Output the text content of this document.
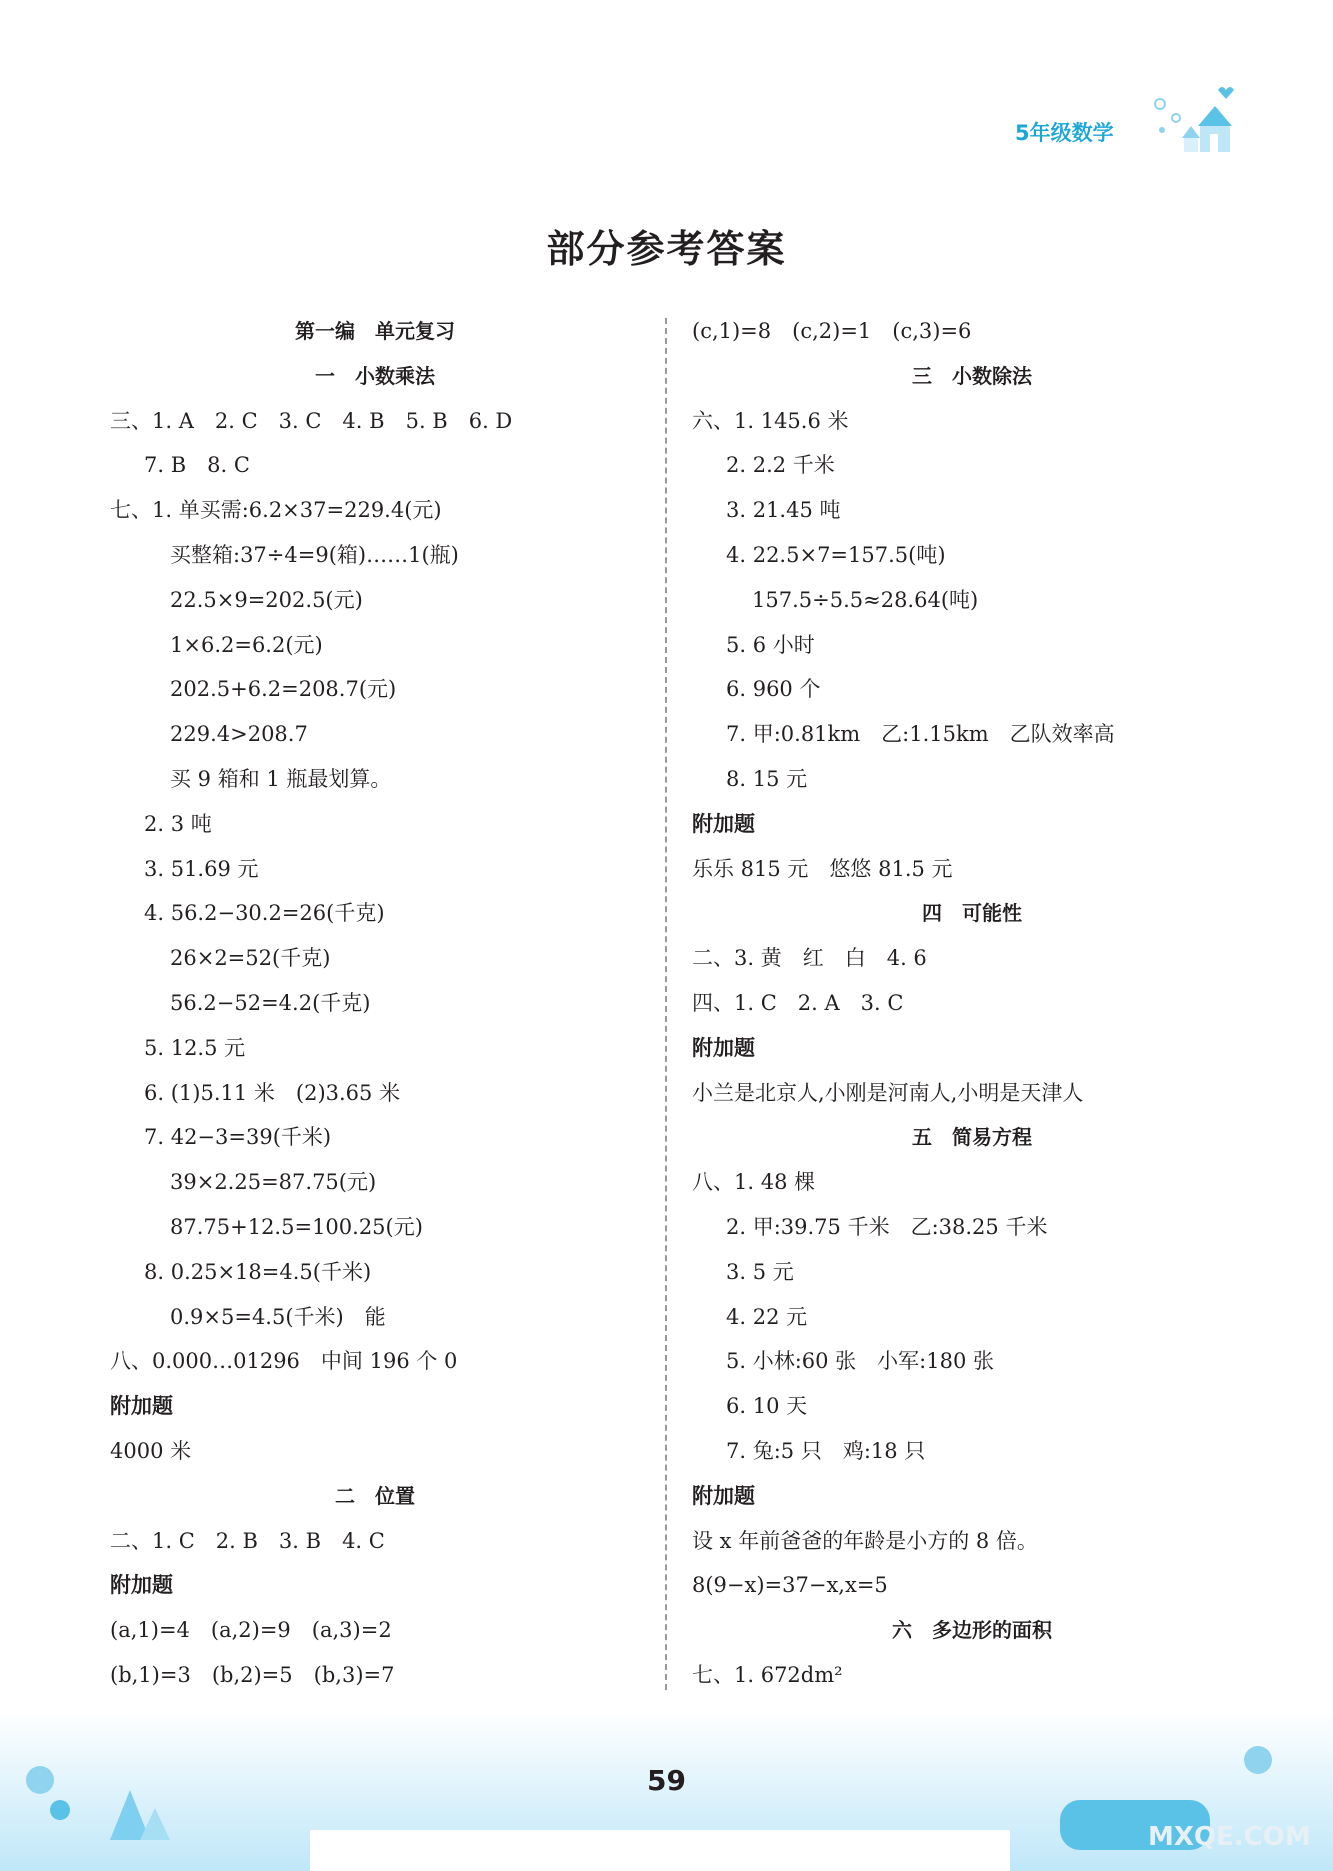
5年级数学
部分参考答案
第一编　单元复习
一　小数乘法
三、1. A　2. C　3. C　4. B　5. B　6. D
7. B　8. C
七、1. 单买需:6.2×37=229.4(元)
买整箱:37÷4=9(箱)……1(瓶)
22.5×9=202.5(元)
1×6.2=6.2(元)
202.5+6.2=208.7(元)
229.4>208.7
买 9 箱和 1 瓶最划算。
2. 3 吨
3. 51.69 元
4. 56.2−30.2=26(千克)
26×2=52(千克)
56.2−52=4.2(千克)
5. 12.5 元
6. (1)5.11 米　(2)3.65 米
7. 42−3=39(千米)
39×2.25=87.75(元)
87.75+12.5=100.25(元)
8. 0.25×18=4.5(千米)
0.9×5=4.5(千米)　能
八、0.000…01296　中间 196 个 0
附加题
4000 米
二　位置
二、1. C　2. B　3. B　4. C
附加题
(a,1)=4　(a,2)=9　(a,3)=2
(b,1)=3　(b,2)=5　(b,3)=7
(c,1)=8　(c,2)=1　(c,3)=6
三　小数除法
六、1. 145.6 米
2. 2.2 千米
3. 21.45 吨
4. 22.5×7=157.5(吨)
157.5÷5.5≈28.64(吨)
5. 6 小时
6. 960 个
7. 甲:0.81km　乙:1.15km　乙队效率高
8. 15 元
附加题
乐乐 815 元　悠悠 81.5 元
四　可能性
二、3. 黄　红　白　4. 6
四、1. C　2. A　3. C
附加题
小兰是北京人,小刚是河南人,小明是天津人
五　简易方程
八、1. 48 棵
2. 甲:39.75 千米　乙:38.25 千米
3. 5 元
4. 22 元
5. 小林:60 张　小军:180 张
6. 10 天
7. 兔:5 只　鸡:18 只
附加题
设 x 年前爸爸的年龄是小方的 8 倍。
8(9−x)=37−x,x=5
六　多边形的面积
七、1. 672dm²
59
MXQE.COM
